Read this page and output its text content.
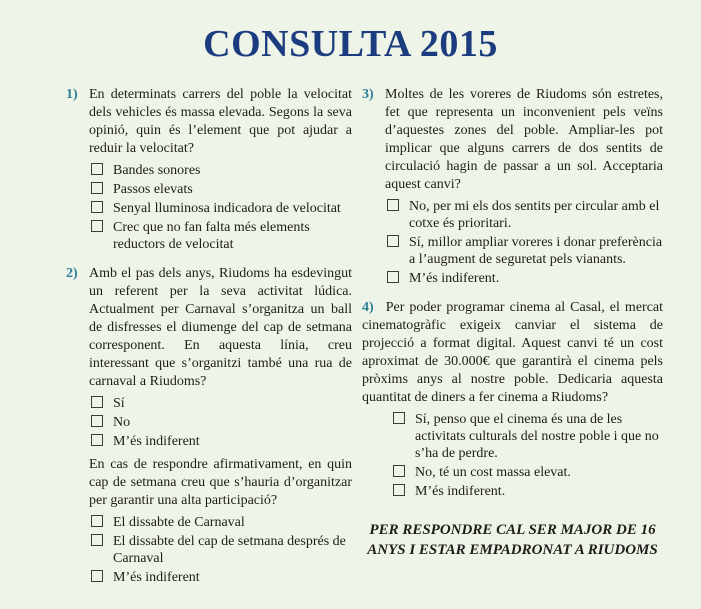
CONSULTA 2015

1) En determinats carrers del poble la velocitat dels vehicles és massa elevada. Segons la seva opinió, quin és l’element que pot ajudar a reduir la velocitat?

Bandes sonores
Passos elevats
Senyal lluminosa indicadora de velocitat
Crec que no fan falta més elements reductors de velocitat

2) Amb el pas dels anys, Riudoms ha esdevingut un referent per la seva activitat lúdica. Actualment per Carnaval s’organitza un ball de disfresses el diumenge del cap de setmana corresponent. En aquesta línia, creu interessant que s’organitzi també una rua de carnaval a Riudoms?

Sí
No
M’és indiferent

En cas de respondre afirmativament, en quin cap de setmana creu que s’hauria d’organitzar per garantir una alta participació?

El dissabte de Carnaval
El dissabte del cap de setmana després de Carnaval
M’és indiferent

3) Moltes de les voreres de Riudoms són estretes, fet que representa un inconvenient pels veïns d’aquestes zones del poble. Ampliar-les pot implicar que alguns carrers de dos sentits de circulació hagin de passar a un sol. Acceptaria aquest canvi?

No, per mi els dos sentits per circular amb el cotxe és prioritari.
Sí, millor ampliar voreres i donar preferència a l’augment de seguretat pels vianants.
M’és indiferent.

4) Per poder programar cinema al Casal, el mercat cinematogràfic exigeix canviar el sistema de projecció a format digital. Aquest canvi té un cost aproximat de 30.000€ que garantirà el cinema pels pròxims anys al nostre poble. Dedicaria aquesta quantitat de diners a fer cinema a Riudoms?

Sí, penso que el cinema és una de les activitats culturals del nostre poble i que no s’ha de perdre.
No, té un cost massa elevat.
M’és indiferent.
PER RESPONDRE CAL SER MAJOR DE 16
ANYS I ESTAR EMPADRONAT A RIUDOMS
